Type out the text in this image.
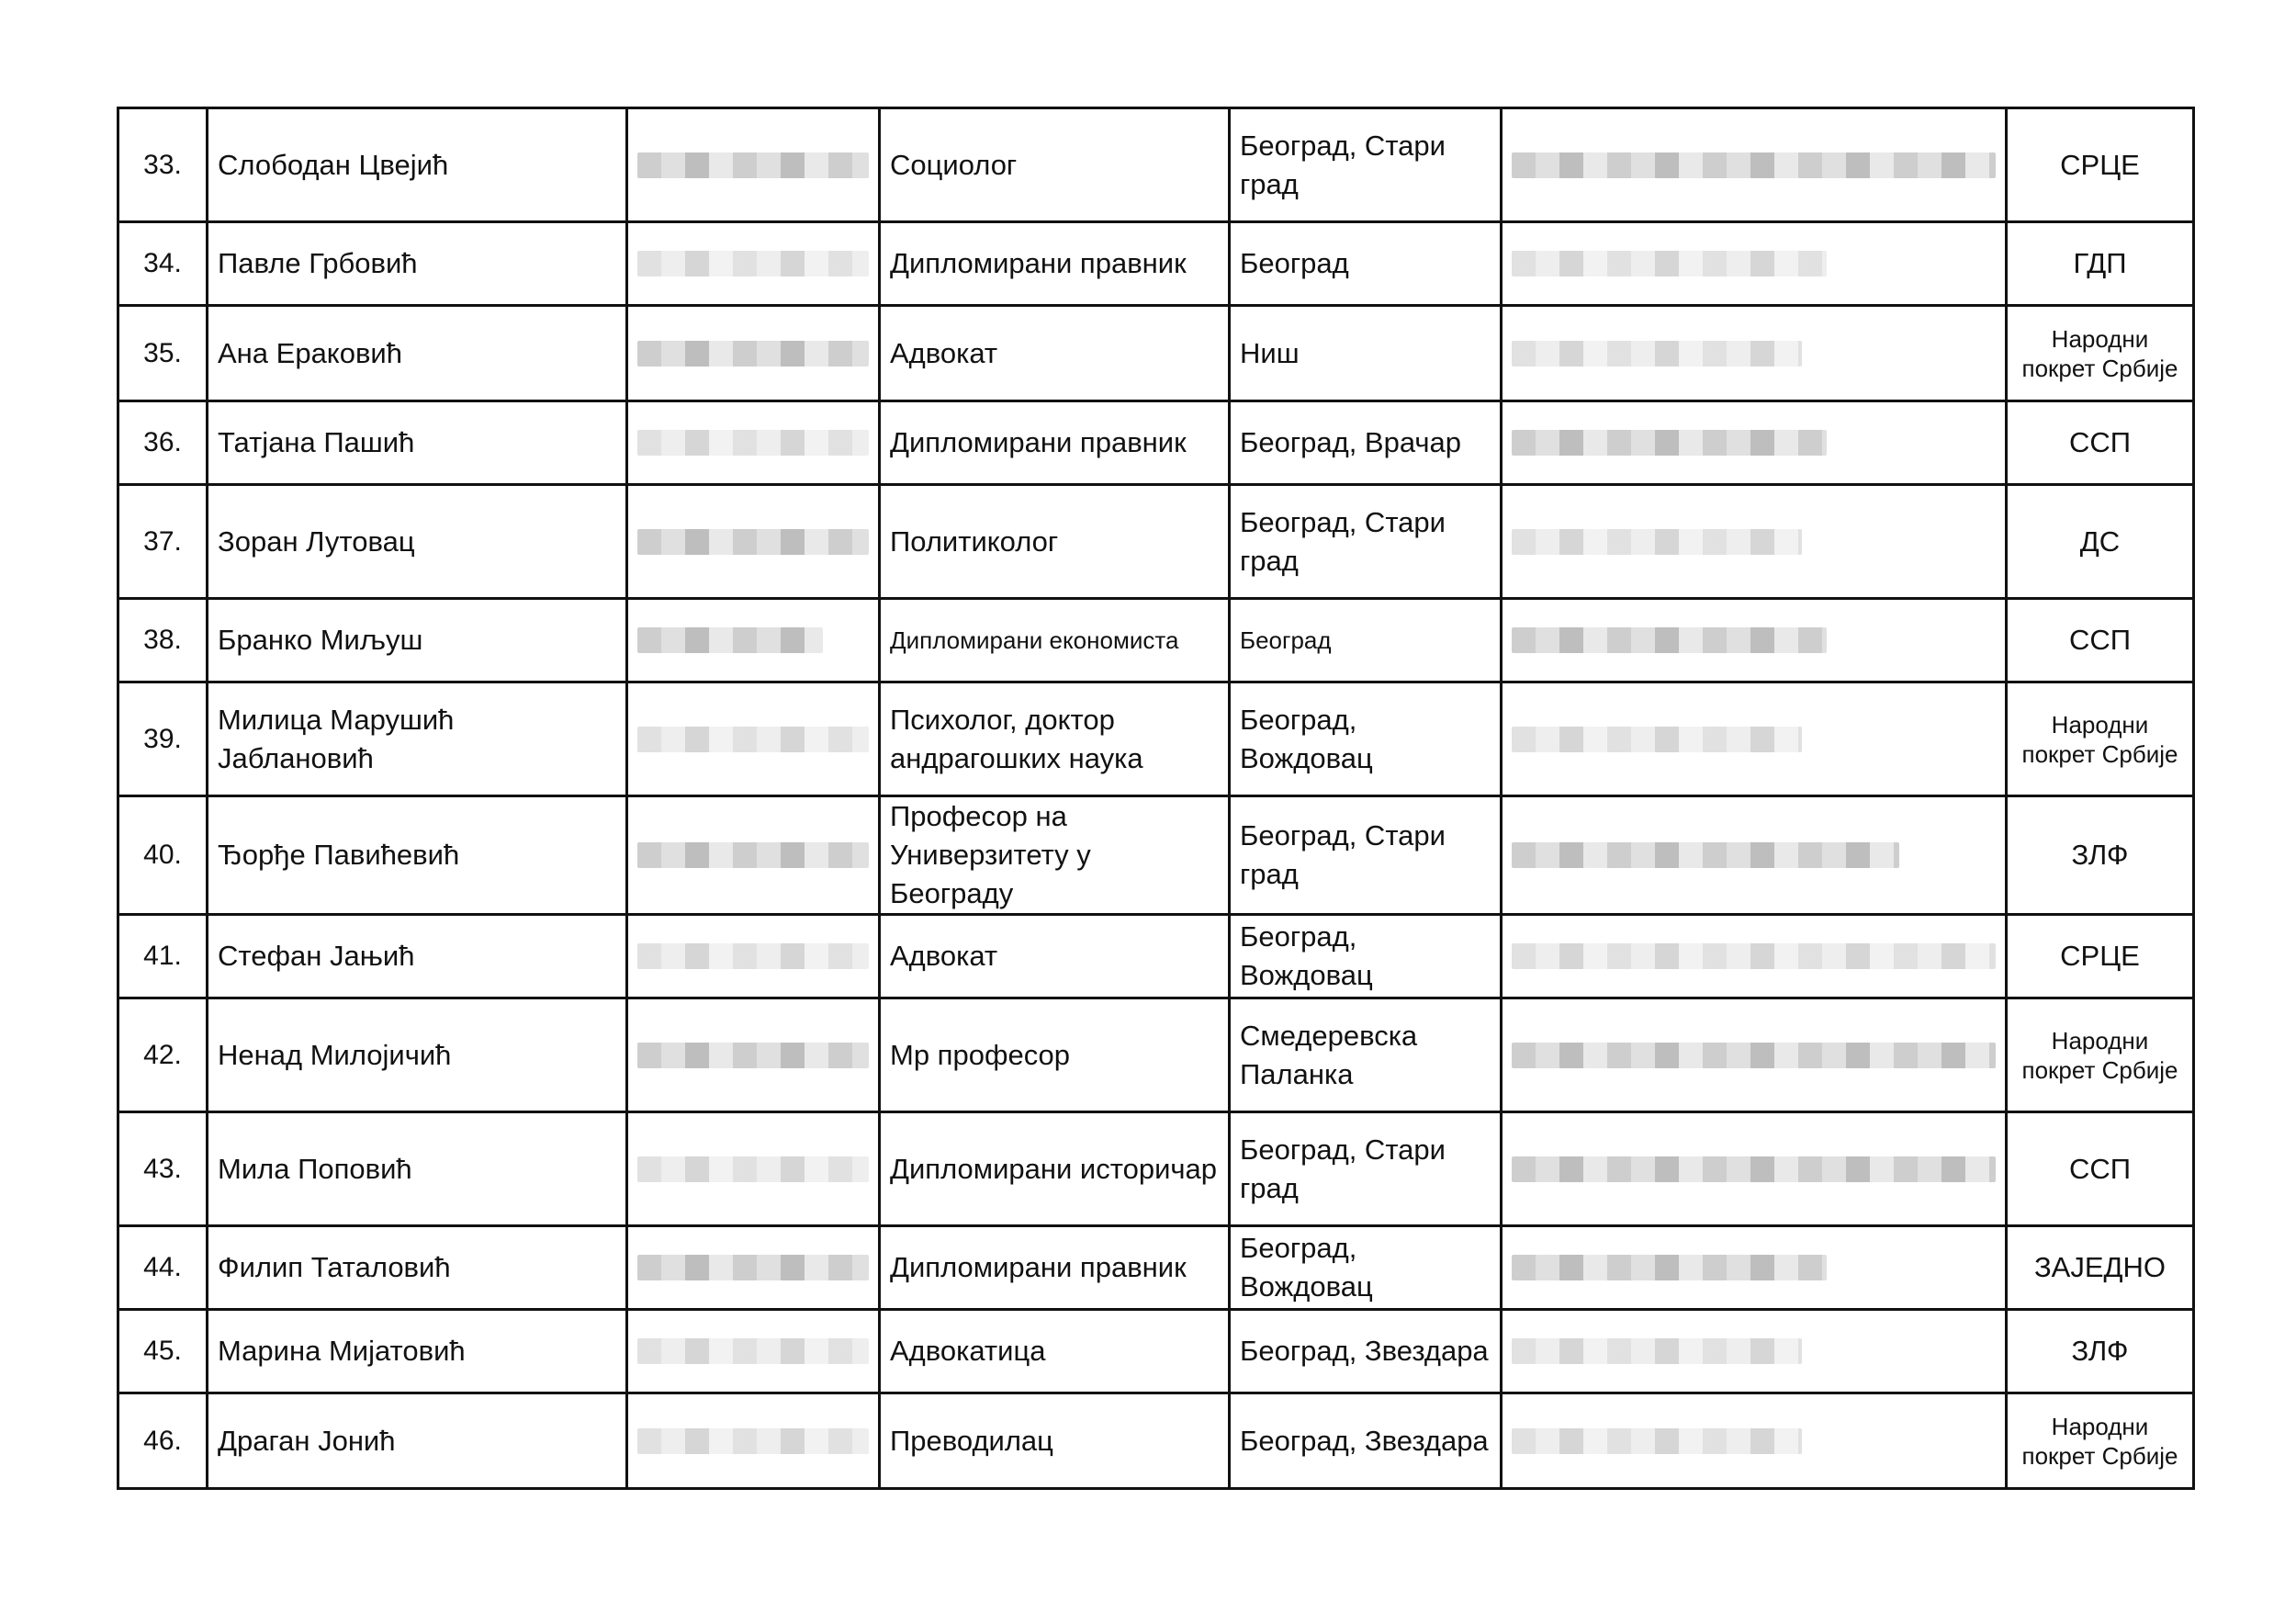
33.	Слободан Цвејић		Социолог	Београд, Стари град		СРЦЕ
34.	Павле Грбовић		Дипломирани правник	Београд		ГДП
35.	Ана Ераковић		Адвокат	Ниш		Народни покрет Србије
36.	Татјана Пашић		Дипломирани правник	Београд, Врачар		ССП
37.	Зоран Лутовац		Политиколог	Београд, Стари град		ДС
38.	Бранко Миљуш		Дипломирани економиста	Београд		ССП
39.	Милица Марушић Јаблановић		Психолог, доктор андрагошких наука	Београд, Вождовац		Народни покрет Србије
40.	Ђорђе Павићевић		Професор на Универзитету у Београду	Београд, Стари град		ЗЛФ
41.	Стефан Јањић		Адвокат	Београд, Вождовац		СРЦЕ
42.	Ненад Милојичић		Мр професор	Смедеревска Паланка		Народни покрет Србије
43.	Мила Поповић		Дипломирани историчар	Београд, Стари град		ССП
44.	Филип Таталовић		Дипломирани правник	Београд, Вождовац		ЗАЈЕДНО
45.	Марина Мијатовић		Адвокатица	Београд, Звездара		ЗЛФ
46.	Драган Јонић		Преводилац	Београд, Звездара		Народни покрет Србије
